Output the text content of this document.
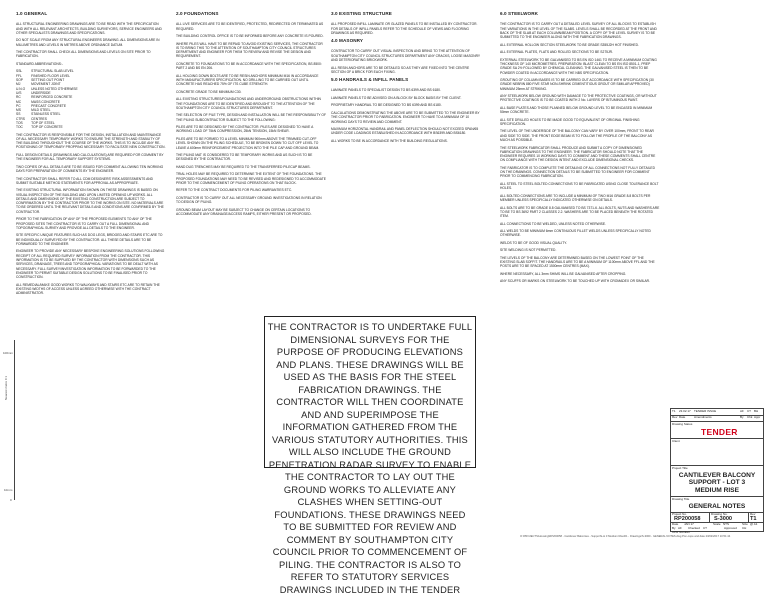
1.0 GENERAL

ALL STRUCTURAL ENGINEERING DRAWINGS ARE TO BE READ WITH THE SPECIFICATION AND WITH ALL RELEVANT ARCHITECTS, BUILDING SURVEYORS, SERVICE ENGINEERS AND OTHER SPECIALISTS DRAWINGS AND SPECIFICATIONS.

DO NOT SCALE FROM ANY STRUCTURAL ENGINEERS DRAWING. ALL DIMENSIONS ARE IN MILLIMETRES AND LEVELS IN METRES ABOVE ORDNANCE DATUM.

THE CONTRACTOR SHALL CHECK ALL DIMENSIONS AND LEVELS ON SITE PRIOR TO FABRICATION.

STANDARD ABBREVIATIONS:-

SSL	STRUCTURAL SLAB LEVEL
FFL	FINISHED FLOOR LEVEL
SOP	SETTING OUT POINT
MJ	MOVEMENT JOINT
U.N.O	UNLESS NOTED OTHERWISE
U/S	UNDERSIDE
RC	REINFORCED CONCRETE
MC	MASS CONCRETE
PC	PRECAST CONCRETE
MS	MILD STEEL
SS	STAINLESS STEEL
CTRS	CENTRES
TOS	TOP OF STEEL
TOC	TOP OF CONCRETE

THE CONTRACTOR IS RESPONSIBLE FOR THE DESIGN, INSTALLATION AND MAINTENANCE OF ALL NECESSARY TEMPORARY WORKS TO ENSURE THE STRENGTH AND STABILITY OF THE BUILDING THROUGHOUT THE COURSE OF THE WORKS. THIS IS TO INCLUDE ANY RE-POSITIONING OF TEMPORARY PROPPING NECESSARY TO FACILITATE NEW CONSTRUCTION.

FULL DESIGN DETAILS (DRAWINGS AND CALCULATIONS) ARE REQUIRED FOR COMMENT BY THE ENGINEER FOR ALL TEMPORARY SUPPORT SYSTEMS.

TWO COPIES OF ALL DETAILS ARE TO BE ISSUED FOR COMMENT ALLOWING TEN WORKING DAYS FOR PREPARATION OF COMMENTS BY THE ENGINEER.

THE CONTRACTOR SHALL REFER TO ALL CDM DESIGNERS' RISK ASSESSMENTS AND SUBMIT SUITABLE METHOD STATEMENTS FOR APPROVAL AS APPROPRIATE.

THE EXISTING STRUCTURAL INFORMATION SHOWN ON THESE DRAWINGS IS BASED ON VISUAL INSPECTION OF THE BUILDING AND UPON LIMITED OPENING UP WORKS. ALL DETAILS AND DIMENSIONS OF THE EXISTING CONSTRUCTION ARE SUBJECT TO CONFIRMATION BY THE CONTRACTOR PRIOR TO THE WORKS ON SITE. NO MATERIALS ARE TO BE ORDERED UNTIL THE RELEVANT DETAILS AND CONDITIONS ARE CONFIRMED BY THE CONTRACTOR.

PRIOR TO THE FABRICATION OF ANY OF THE PROPOSED ELEMENTS TO ANY OF THE PROPOSED SITES THE CONTRACTOR IS TO CARRY OUT A FULL DIMENSIONAL AND TOPOGRAPHICAL SURVEY AND PROVIDE ALL DETAILS TO THE ENGINEER.

SITE SPECIFIC UNIQUE FEATURES SUCH AS DOG LEGS, BRIDGED AND STAIRS ETC ARE TO BE INDIVIDUALLY SURVEYED BY THE CONTRACTOR. ALL THESE DETAILS ARE TO BE FORWARDED TO THE ENGINEER.

ENGINEER TO PROVIDE ANY NECESSARY BESPOKE ENGINEERING SOLUTIONS FOLLOWING RECEIPT OF ALL REQUIRED SURVEY INFORMATION FROM THE CONTRACTOR. THIS INFORMATION IS TO BE SUPPLIED BY THE CONTRACTOR WITH DIMENSIONS SUCH AS SERVICES, DRAINAGE, TREES AND TOPOGRAPHICAL VARIATIONS TO BE DEALT WITH AS NECESSARY. FULL SURVEY/INVESTIGATION INFORMATION TO BE FORWARDED TO THE ENGINEER TO PERMIT SUITABLE DESIGN SOLUTIONS TO BE FINALISED PRIOR TO CONSTRUCTION.

ALL REMEDIAL/MAKE GOOD WORKS TO WALKWAYS AND STAIRS ETC ARE TO RETAIN THE EXISTING WIDTHS OF ACCESS UNLESS AGREED OTHERWISE WITH THE CONTRACT ADMINISTRATOR.

Nearest metre 0 1
100mm
10mm
0
2.0 FOUNDATIONS

ALL LIVE SERVICES ARE TO BE IDENTIFIED, PROTECTED, REDIRECTED OR TERMINATED AS REQUIRED.

THE BUILDING CONTROL OFFICE IS TO BE INFORMED BEFORE ANY CONCRETE IS POURED.

WHERE PILES WILL HAVE TO BE REPAID TO AVOID EXISTING SERVICES, THE CONTRACTOR IS TO BRING THIS TO THE ATTENTION OF SOUTHAMPTON CITY COUNCIL STRUCTURES DEPARTMENT AND ENGINEER FOR THEM TO REVIEW AND REVISE THE DESIGN AND REQUIREMENT.

CONCRETE TO FOUNDATIONS TO BE IN ACCORDANCE WITH THE SPECIFICATION, BS 8500: PART 2 AND BS EN 206.

ALL HOLDING DOWN BOLTS ARE TO BE RESIN ANCHORS MINIMUM M16 IN ACCORDANCE WITH MANUFACTURERS SPECIFICATION. NO DRILLING TO BE CARRIED OUT UNTIL CONCRETE HAS REACHED 75% OF ITS CUBE STRENGTH.

CONCRETE GRADE TO BE MINIMUM C30.

ALL EXISTING STRUCTURES/FOUNDATIONS AND UNDERGROUND OBSTRUCTIONS WITHIN THE FOUNDATIONS ARE TO BE IDENTIFIED AND BROUGHT TO THE ATTENTION OF THE SOUTHAMPTON CITY COUNCIL STRUCTURES DEPARTMENT.

THE SELECTION OF PILE TYPE, DESIGN AND INSTALLATION WILL BE THE RESPONSIBILITY OF THE PILING SUBCONTRACTOR SUBJECT TO THE FOLLOWING:

PILES ARE TO BE DESIGNED BY THE CONTRACTOR. PILES ARE DESIGNED TO HAVE A WORKING LOAD OF 75kN COMPRESSION, 25kN TENSION, 15kN SHEAR.

PILES ARE TO BE FORMED TO A LEVEL MINIMUM 900mm ABOVE THE TRIMMED CUT-OFF LEVEL SHOWN ON THE PILING SCHEDULE, TO BE BROKEN DOWN TO CUT OFF LEVEL TO LEAVE A 600mm REINFORCEMENT PROJECTION INTO THE PILE CAP AND GROUND BEAM.

THE PILING MAT IS CONSIDERED TO BE TEMPORARY WORKS AND AS SUCH IS TO BE DESIGNED BY THE CONTRACTOR.

HAND DUG TRENCHES MAY BE REQUIRED TO THE TRANSFERRED PILECAP BEAMS.

TRIAL HOLES MAY BE REQUIRED TO DETERMINE THE EXTENT OF THE FOUNDATIONS. THE PROPOSED FOUNDATIONS MAY NEED TO BE REVISED AND REDESIGNED TO ACCOMMODATE PRIOR TO THE COMMENCEMENT OF PILING OPERATIONS ON THAT BLOCK.

REFER TO THE CONTRACT DOCUMENTS FOR PILING WARRANTIES ETC.

CONTRACTOR IS TO CARRY OUT ALL NECESSARY GROUND INVESTIGATIONS IN RELATION TO DESIGN OF PILING.

GROUND BEAM LAYOUT MAY BE SUBJECT TO CHANGE ON CERTAIN LOCATIONS TO ACCOMMODATE ANY DRAINAGE/ACCESS RAMPS, EITHER PRESENT OR PROPOSED.

3.0 EXISTING STRUCTURE

ALL PROPOSED INFILL LAMINATE OR GLAZED PANELS TO BE INSTALLED BY CONTRACTOR. FOR DETAILS OF INFILL PANELS REFER TO THE SCHEDULE OF VIEWS AND FLOORING DRAWINGS AS REQUIRED.

4.0 MASONRY

CONTRACTOR TO CARRY OUT VISUAL INSPECTION AND BRING TO THE ATTENTION OF SOUTHAMPTON CITY COUNCIL STRUCTURES DEPARTMENT ANY CRACKS, LOOSE MASONRY AND DETERIORATING BRICKWORK.

ALL RESIN ANCHORS ARE TO BE DETAILED SO AS THEY ARE FIXED INTO THE CENTRE SECTION OF A BRICK FOR EACH FIXING.

5.0 HANDRAILS & INFILL PANELS

LAMINATE PANELS TO SPECIALIST DESIGN TO BS 6399 AND BS 6180.

LAMINATE PANELS TO BE ADVISED ON A BLOCK BY BLOCK BASIS BY THE CLIENT.

PROPRIETARY HANDRAIL TO BE DESIGNED TO BS 6399 AND BS 6180.

CALCULATIONS DEMONSTRATING THE ABOVE ARE TO BE SUBMITTED TO THE ENGINEER BY THE CONTRACTOR PRIOR TO FABRICATION. ENGINEER TO HAVE TO A MINIMUM OF 10 WORKING DAYS TO REVIEW AND COMMENT.

MAXIMUM HORIZONTAL HANDRAIL AND PANEL DEFLECTION SHOULD NOT EXCEED SPAN/65 UNDER CODE LOADINGS ESTABLISHED IN ACCORDANCE WITH BS6399 AND BS6180.

ALL WORKS TO BE IN ACCORDANCE WITH THE BUILDING REGULATIONS.

THE CONTRACTOR IS TO UNDERTAKE FULL DIMENSIONAL SURVEYS FOR THE PURPOSE OF PRODUCING ELEVATIONS AND PLANS. THESE DRAWINGS WILL BE USED AS THE BASIS FOR THE STEEL FABRICATION DRAWINGS. THE CONTRACTOR WILL THEN COORDINATE AND AND SUPERIMPOSE THE INFORMATION GATHERED FROM THE VARIOUS STATUTORY AUTHORITIES. THIS WILL ALSO INCLUDE THE GROUND PENETRATION RADAR SURVEY TO ENABLE THE CONTRACTOR TO LAY OUT THE GROUND WORKS TO ALLEVIATE ANY CLASHES WHEN SETTING-OUT FOUNDATIONS. THESE DRAWINGS NEED TO BE SUBMITTED FOR REVIEW AND COMMENT BY SOUTHAMPTON CITY COUNCIL PRIOR TO COMMENCEMENT OF PILING. THE CONTRACTOR IS ALSO TO REFER TO STATUTORY SERVICES DRAWINGS INCLUDED IN THE TENDER
6.0 STEELWORK

THE CONTRACTOR IS TO CARRY OUT A DETAILED LEVEL SURVEY OF ALL BLOCKS TO ESTABLISH THE VARIATIONS IN THE LEVEL OF THE SLABS. LEVELS SHALL BE RECORDED AT THE FRONT AND BACK OF THE SLAB AT EACH COLUMN/BEAM POSITION. A COPY OF THE LEVEL SURVEY IS TO BE SUBMITTED TO THE ENGINEER ALONG WITH THE FABRICATION DRAWINGS.

ALL EXTERNAL HOLLOW SECTION STEELWORK TO BE GRADE S355J2H HOT FINISHED.

ALL EXTERNAL PLATES, FLATS AND ROLLED SECTIONS TO BE S275JR.

EXTERNAL STEELWORK TO BE GALVANISED TO BS EN ISO 1461 TO RECEIVE A MINIMUM COATING THICKNESS OF 140 MICROMETRES. PREPARATION: BLAST CLEAN TO BS EN ISO 8501-1, PREP GRADE SA 2½ FOLLOWED BY CHEMICAL CLEANING. THE GALVANISED STEEL IS THEN TO BE POWDER COATED IN ACCORDANCE WITH THE NBS SPECIFICATION.

GROUTING OF COLUMN BASES IS TO BE CARRIED OUT ACCORDANCE WITH SPECIFICATION (30 GRADE NEBRIN 880 FIVE STAR NON-SHRINK CEMENTITIOUS GROUT OR SIMILAR APPROVED) MINIMUM 25mm AT STRIKING.

ANY STEELWORK BELOW GROUND WITH DAMAGE TO THE PROTECTIVE COATINGS, OR WITHOUT PROTECTIVE COATINGS IS TO BE COATED WITH 2 No. LAYERS OF BITUMINOUS PAINT.

ALL BASE PLATES AND THOSE PLANNED BELOW GROUND LEVEL TO BE ENCASED IN MINIMUM 50mm CONCRETE.

ALL SITE DRILLED HOLES TO BE MADE GOOD TO EQUIVALENT OF ORIGINAL FINISHING SPECIFICATION.

THE LEVEL OF THE UNDERSIDE OF THE BALCONY CAN VARY BY OVER 100mm, FRONT TO REAR AND SIDE TO SIDE. THE FRONT EDGE BEAM IS TO FOLLOW THE PROFILE OF THE BALCONY AS MUCH AS POSSIBLE.

THE STEELWORK FABRICATOR SHALL PRODUCE AND SUBMIT A COPY OF DIMENSIONED FABRICATION DRAWINGS TO THE ENGINEER. THE FABRICATOR SHOULD NOTE THAT THE ENGINEER REQUIRES 10 WORKING DAYS TO COMMENT AND THESE COMMENTS SHALL CENTRE ON COMPLIANCE WITH THE DESIGN INTENT AND EXCLUDE DIMENSIONAL CHECKS.

THE FABRICATOR IS TO COMPLETE THE DETAILING OF ALL CONNECTIONS NOT FULLY DETAILED ON THE DRAWINGS. CONNECTION DETAILS TO BE SUBMITTED TO ENGINEER FOR COMMENT PRIOR TO COMMENCING FABRICATION.

ALL STEEL TO STEEL BOLTED CONNECTIONS TO BE FABRICATED USING CLOSE TOLERANCE BOLT HOLES.

ALL BOLTED CONNECTIONS ARE TO INCLUDE A MINIMUM OF TWO M16 GRADE 8.8 BOLTS PER MEMBER UNLESS SPECIFICALLY INDICATED OTHERWISE ON DETAILS.

ALL BOLTS ARE TO BE GRADE 8.8 GALVANISED TO BS 7371-6. ALL BOLTS, NUTS AND WASHERS ARE TO BE TO BS 3692 PART 2 CLASSES 2.2. WASHERS ARE TO BE PLACED BENEATH THE ROTATED ITEM.

ALL CONNECTIONS TO BE WELDED, UNLESS NOTED OTHERWISE.

ALL WELDS TO BE MINIMUM 6mm CONTINUOUS FILLET WELDS UNLESS SPECIFICALLY NOTED OTHERWISE.

WELDS TO BE OF GOOD VISUAL QUALITY.

SITE WELDING IS NOT PERMITTED.

THE LEVELS OF THE BALCONY ARE DETERMINED BASED ON THE LOWEST POINT OF THE EXISTING SLAB SOFFIT. THE HANDRAILS ARE TO BE A MINIMUM OF 1100mm ABOVE FFL AND THE POSTS ARE TO BE SPACED AT 1500mm CENTRES (MAX).

WHERE NECESSARY, ALL 3mm SHIMS WILL BE GALVANISED AFTER CROPPING.

ANY SCUFFS OR MARKS ON STEELWORK TO BE TOUCHED UP WITH CROMADEX OR SIMILAR.

T1 23.02.17 TENDER ISSUE	AF CT BH
Rev Date	Amendments	By Chk Appr
Drawing Status
TENDER
Client
Project Title
CANTILEVER BALCONY
SUPPORT - LOT 3
MEDIUM RISE
Drawing Title
GENERAL NOTES
Project No.	Drawing No.	Rev
RP200058 S-3000	T1
Date JAN 17	Scale NTS	Size @ A1
By AF Checked CT	Approved CH
CPR Number
O:\PROJECTS\Housing\RP200058 - Cantilever Balconies - Support\Lot 3 Medium Rise\01 - Drawings\S-3000 - GENERAL NOTES.dwg Pon-cope and date 23/02/2017 10:51:44
